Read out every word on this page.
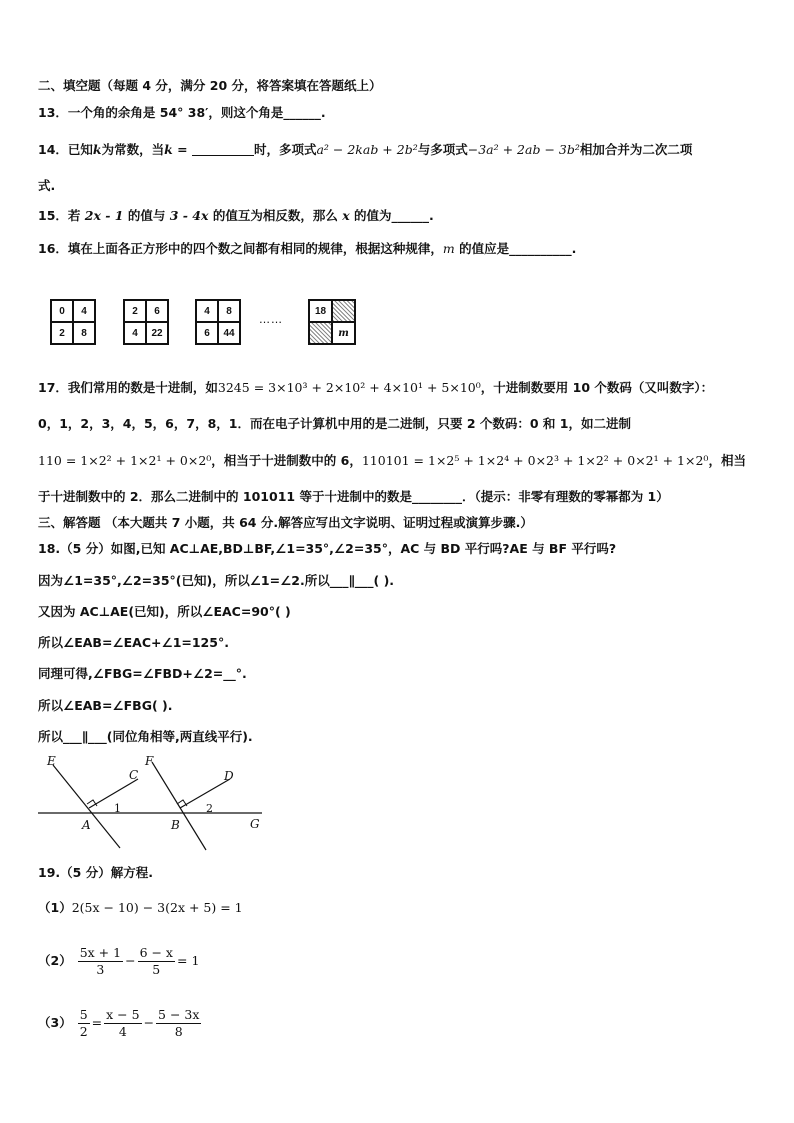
二、填空题（每题 4 分，满分 20 分，将答案填在答题纸上）
13．一个角的余角是 54° 38′，则这个角是______.
14．已知k为常数，当k =	时，多项式a² − 2kab + 2b²与多项式−3a² + 2ab − 3b²相加合并为二次二项
式.
15．若 2x - 1 的值与 3 - 4x 的值互为相反数，那么 x 的值为______.
16．填在上面各正方形中的四个数之间都有相同的规律，根据这种规律，m 的值应是__________.
0	4
2	8
2	6
4	22
4	8
6	44
……
18
m
17．我们常用的数是十进制，如3245 = 3×10³ + 2×10² + 4×10¹ + 5×10⁰，十进制数要用 10 个数码（又叫数字）：
0，1，2，3，4，5，6，7，8，1．而在电子计算机中用的是二进制，只要 2 个数码：0 和 1，如二进制
110 = 1×2² + 1×2¹ + 0×2⁰，相当于十进制数中的 6，110101 = 1×2⁵ + 1×2⁴ + 0×2³ + 1×2² + 0×2¹ + 1×2⁰，相当
于十进制数中的 2．那么二进制中的 101011 等于十进制中的数是________．（提示：非零有理数的零幂都为 1）
三、解答题 （本大题共 7 小题，共 64 分.解答应写出文字说明、证明过程或演算步骤.）
18.（5 分）如图,已知 AC⊥AE,BD⊥BF,∠1=35°,∠2=35°，AC 与 BD 平行吗?AE 与 BF 平行吗?
因为∠1=35°,∠2=35°(已知)，所以∠1=∠2.所以___∥___( ).
又因为 AC⊥AE(已知)，所以∠EAC=90°( )
所以∠EAB=∠EAC+∠1=125°.
同理可得,∠FBG=∠FBD+∠2=__°.
所以∠EAB=∠FBG( ).
所以___∥___(同位角相等,两直线平行).
E
C
A
F
D
B	G
1	2
19.（5 分）解方程.
（1）2(5x − 10) − 3(2x + 5) = 1
$(2) \frac{5x + 1}{3} - \frac{6 - x}{5} = 1$
$(3) \frac{5}{2} = \frac{x - 5}{4} - \frac{5 - 3x}{8}$
